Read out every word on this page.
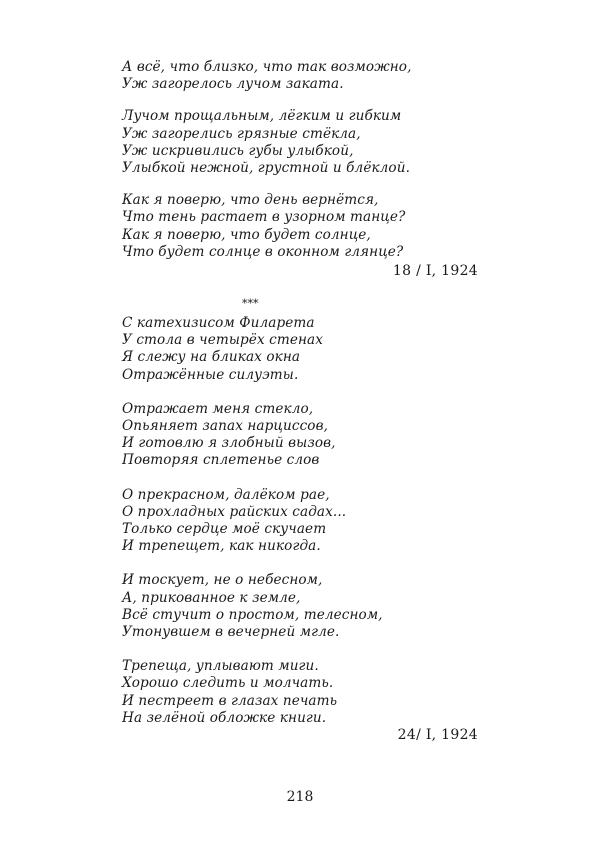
А всё, что близко, что так возможно,
Уж загорелось лучом заката.
Лучом прощальным, лёгким и гибким
Уж загорелись грязные стёкла,
Уж искривились губы улыбкой,
Улыбкой нежной, грустной и блёклой.
Как я поверю, что день вернётся,
Что тень растает в узорном танце?
Как я поверю, что будет солнце,
Что будет солнце в оконном глянце?
18 / I, 1924
***
С катехизисом Филарета
У стола в четырёх стенах
Я слежу на бликах окна
Отражённые силуэты.
Отражает меня стекло,
Опьяняет запах нарциссов,
И готовлю я злобный вызов,
Повторяя сплетенье слов
О прекрасном, далёком рае,
О прохладных райских садах...
Только сердце моё скучает
И трепещет, как никогда.
И тоскует, не о небесном,
А, прикованное к земле,
Всё стучит о простом, телесном,
Утонувшем в вечерней мгле.
Трепеща, уплывают миги.
Хорошо следить и молчать.
И пестреет в глазах печать
На зелёной обложке книги.
24/ I, 1924
218
